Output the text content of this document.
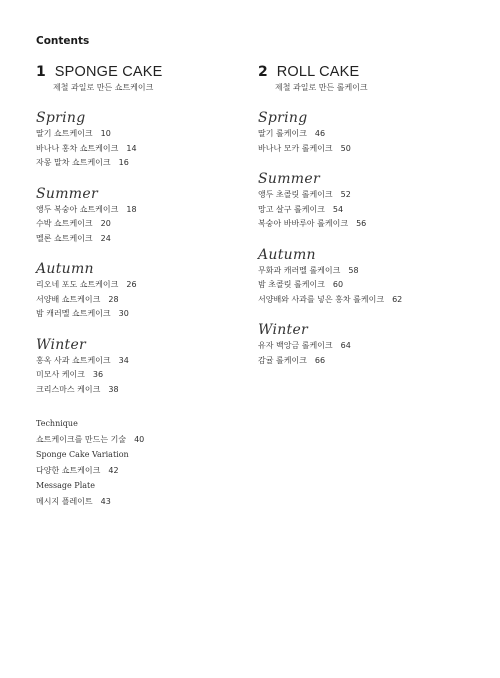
Contents
1 SPONGE CAKE
제철 과일로 만든 쇼트케이크
Spring
딸기 쇼트케이크 10
바나나 홍차 쇼트케이크 14
자몽 말차 쇼트케이크 16
Summer
앵두 복숭아 쇼트케이크 18
수박 쇼트케이크 20
멜론 쇼트케이크 24
Autumn
리오네 포도 쇼트케이크 26
서양배 쇼트케이크 28
밤 캐러멜 쇼트케이크 30
Winter
홍옥 사과 쇼트케이크 34
미모사 케이크 36
크리스마스 케이크 38
Technique
쇼트케이크를 만드는 기술 40
Sponge Cake Variation
다양한 쇼트케이크 42
Message Plate
메시지 플레이트 43
2 ROLL CAKE
제철 과일로 만든 롤케이크
Spring
딸기 롤케이크 46
바나나 모카 롤케이크 50
Summer
앵두 초콜릿 롤케이크 52
망고 살구 롤케이크 54
복숭아 바바루아 롤케이크 56
Autumn
무화과 캐러멜 롤케이크 58
밤 초콜릿 롤케이크 60
서양배와 사과를 넣은 홍차 롤케이크 62
Winter
유자 백앙금 롤케이크 64
감귤 롤케이크 66
